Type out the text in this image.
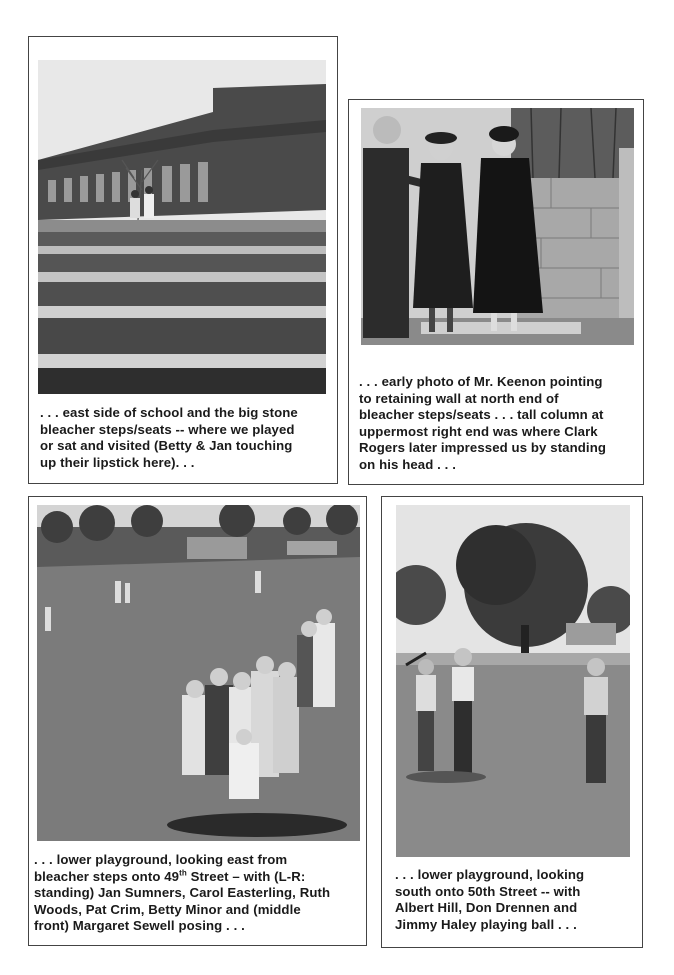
. . . east side of school and the big stone
bleacher steps/seats -- where we played
or sat and visited (Betty & Jan touching
up their lipstick here). . .
. . . early photo of Mr. Keenon pointing
to retaining wall at north end of
bleacher steps/seats . . . tall column at
uppermost right end was where Clark
Rogers later impressed us by standing
on his head . . .
. . . lower playground, looking east from
bleacher steps onto 49th Street – with (L-R:
standing) Jan Sumners, Carol Easterling, Ruth
Woods, Pat Crim, Betty Minor and (middle
front) Margaret Sewell posing . . .
. . . lower playground, looking
south onto 50th Street -- with
Albert Hill, Don Drennen and
Jimmy Haley playing ball . . .
